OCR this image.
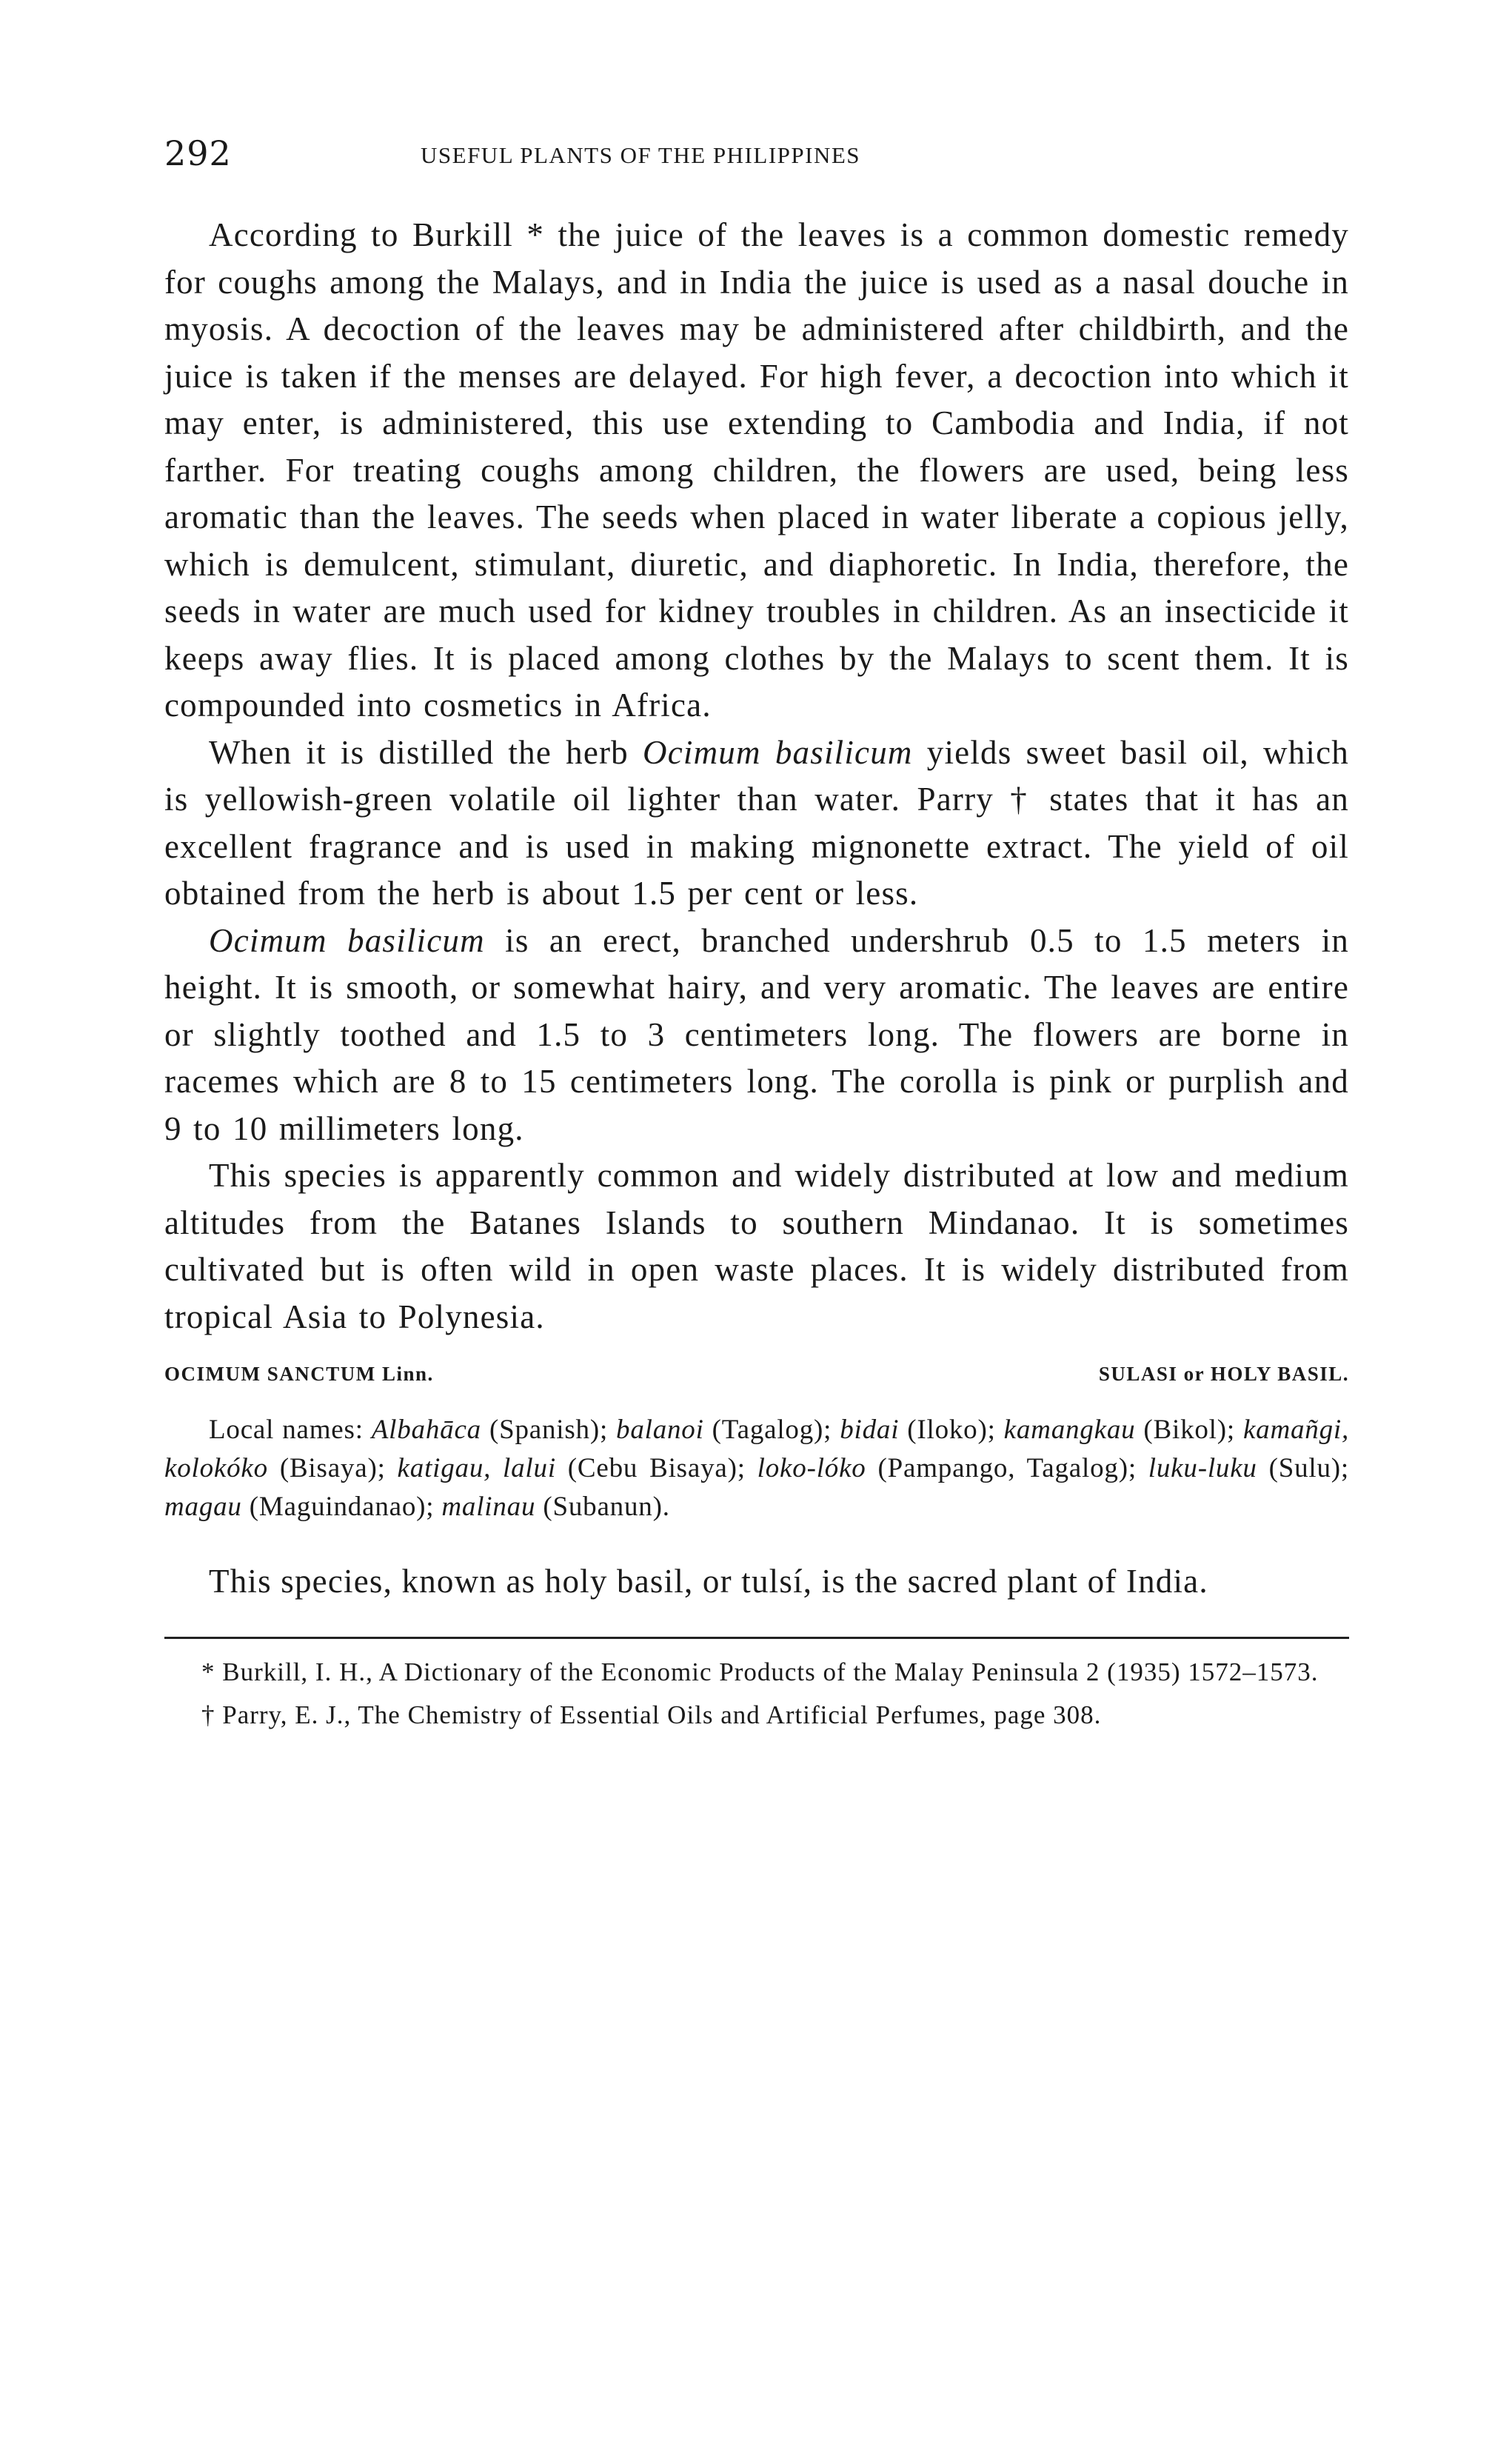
292	USEFUL PLANTS OF THE PHILIPPINES

According to Burkill * the juice of the leaves is a common domestic remedy for coughs among the Malays, and in India the juice is used as a nasal douche in myosis. A decoction of the leaves may be administered after childbirth, and the juice is taken if the menses are delayed. For high fever, a decoction into which it may enter, is administered, this use extending to Cambodia and India, if not farther. For treating coughs among children, the flowers are used, being less aromatic than the leaves. The seeds when placed in water liberate a copious jelly, which is demulcent, stimulant, diuretic, and diaphoretic. In India, therefore, the seeds in water are much used for kidney troubles in children. As an insecticide it keeps away flies. It is placed among clothes by the Malays to scent them. It is compounded into cosmetics in Africa.

When it is distilled the herb Ocimum basilicum yields sweet basil oil, which is yellowish-green volatile oil lighter than water. Parry † states that it has an excellent fragrance and is used in making mignonette extract. The yield of oil obtained from the herb is about 1.5 per cent or less.

Ocimum basilicum is an erect, branched undershrub 0.5 to 1.5 meters in height. It is smooth, or somewhat hairy, and very aromatic. The leaves are entire or slightly toothed and 1.5 to 3 centimeters long. The flowers are borne in racemes which are 8 to 15 centimeters long. The corolla is pink or purplish and 9 to 10 millimeters long.

This species is apparently common and widely distributed at low and medium altitudes from the Batanes Islands to southern Mindanao. It is sometimes cultivated but is often wild in open waste places. It is widely distributed from tropical Asia to Polynesia.

OCIMUM SANCTUM Linn.	SULASI or HOLY BASIL.
Local names: Albahāca (Spanish); balanoi (Tagalog); bidai (Iloko); kamangkau (Bikol); kamañgi, kolokóko (Bisaya); katigau, lalui (Cebu Bisaya); loko-lóko (Pampango, Tagalog); luku-luku (Sulu); magau (Maguindanao); malinau (Subanun).

This species, known as holy basil, or tulsí, is the sacred plant of India.

* Burkill, I. H., A Dictionary of the Economic Products of the Malay Peninsula 2 (1935) 1572–1573.

† Parry, E. J., The Chemistry of Essential Oils and Artificial Perfumes, page 308.
